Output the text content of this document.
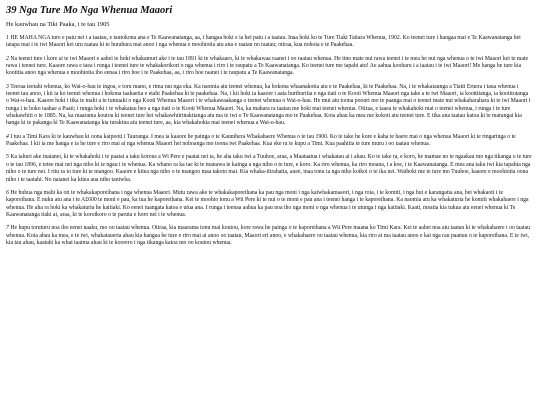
39 Nga Ture Mo Nga Whenua Maaori
He kauwhau na Tiki Paaka, i te tau 1905

1 HE MAHA NGA ture e patu nei i a taatau, e tautokona ana e Te Kaawanatanga, aa, i hangaa hoki e ia hei patu i a taatau. Inaa hoki ko te Ture Tiaki Taitara Whenua, 1902. Ko teenei ture i hangaa mai e Te Kaawanatanga hei taiapa mai i te iwi Maaori kei uru raatau ki te hurahura mai anoo i nga whenua e moohiotia atu ana e raatau no raatau; otiraa, kua nohoia e te Paakehaa.

2 Na teenei ture i kore ai te iwi Maaori e aahei te hoki whakamuri ake i te tau 1891 ki te whakaaro, ki te whakawaa raanei i oo raatau whenua. He tino mate nui rawa teenei i te mea he nui nga whenua o te iwi Maaori kei te mate rawa i teenei ture. Kaaore rawa e taea i runga i teenei ture te whakakorikori o nga whenua i riro i te raupatu a Te Kaawanatanga. Ko teenei ture me tapahi atu! Ae aahua kooharu i a taatau i te iwi Maaori! Me hanga he ture kia kootitia anoo nga whenua e moohiotia iho eenaa i riro hoe i te Paakehaa, aa, i riro hoe raanei i te raupatu a Te Kaawanatanga.

3 Teeraa teetahi whenua, ko Wai-o-hau te ingoa, e toru mano, e rima rau nga eka. Ka naomia atu teenei whenua, ka hokona whaanakotia atu e te Paakehaa, ki te Paakehaa. Na, i te whakataunga a Tiatti Eruera i taua whenua i teenei tau anoo, i kii ia ko teenei whenua i hokona taahaetia e etahi Paakehaa ki te paakehaa. Na, i kii hoki ia kaaore i aata huriburitia e nga tiati o te Kooti Whenua Maaori nga take a te iwi Maaori, ia koottitanga, ia kooittotanga o Wai-o-hau. Kaaore hoki i tika te mahi a te tumuaki o nga Kooti Whenua Maaori i te whakawaakanga o teenei whenua o Wai-o-hau. He mui atu toona poouri mo te paanga mai o teenei mate nui whakaharahara ki te iwi Maaori i runga i te hoko taahae a Paati; i runga hoki i te whakatau heo a nga tiati o te Kooti Whenua Maaori. Na, ka mahara ra taatau me hoki mai teenei whenua. Otiraa, e taaea te whakahoki mai o teenei whenua, i runga i te ture whakawhiti o te 1885. Na, ka maarama koutou ki teenei ture hei whakawhiirinakitanga atu ma te iwi o Te Kaawanatanga mo te Paakehaa. Koia ahau ka mea me kokoti atu teenei ture. E tika ana taatau katoa ki te marangai kia hanga ki te pakanga ki Te Kaawanatanga kia turakina atu teenei ture, aa, kia whakahokia mai teenei whenua a Wai-o-hau.

4 I tuu a Timi Kara ki te kauwhau ki oona kaipooti i Tauranga. I mea ia kaaore he painga o te Kaunihera Whakahaere Whenua o te tau 1900. Ko te take he kore e kaha te haere mai o nga whenua Maaori ki te ringaringa o te Paakehaa. I kii ia me hanga e ia he ture e riro mai ai nga whenua Maaori hei nohoanga mo toona iwi Paakehaa. Kua eke ra te kupu a Timi. Kua paahitia te ture muru i oo taatau whenua.

5 Ka tahuri ake inaianei, ki te whakahoki i te paatai a taku korous a Wi Pere e paatai nei ia, he aha taku iwi a Tuuhoe, araa, a Maataatua i whakatau ai i ahau. Ko te take ra, e koro, he mamae no te ngaakau mo nga tikanga o te ture o te tau 1896, e tetee mai nei nga niho ki te ngau i te whenua. Ka whano ra ka tae ki te manawa te kainga a nga niho o te ture, e koro. Ka riro whenua, ka riro moana, i a koe, i te Kaawanatanga. E mea ana taku iwi kia tapahia nga niho o te ture nei. I ritu ra to ture ki te mangoo. Kaaore e kitea nga niho o te mangoo maa takoto mai. Kia whaka-tiirahatia, auee, inaa tonu ia nga niho koikoi o te ika nei. Waihoki me te ture mo Tuuhoe, kaaore e moohiotia oona niho i te taatahi. No naianei ka kitea aua niho taniwha.

6 He huhua nga mahi ka oti te whakakaporeihana i nga whenua Maaori. Mutu rawa ake te whakakaporeihana ka pau nga moni i nga kaiwhakamaaori, i nga roia, i te komiti, i nga hui e karangatia ana, hei whakaoti i te kaporeihana. E nuku atu ana i te A£600 te moni e pau, ka tua he kaporeihana. Kei te moohio tonu a Wii Pere ki te nui o te moni e pau ana i teenei hanga i te kaporeihana. Ka naomia atu ka whakaturia he komiti whakahaere i nga whenua. He aha ra hoki ka whakaturia he kaitiaki. Ko eenei tuangata katoa e utua ana. I runga i teenaa aahua ka pau noa iho nga moni o nga whenua i te utunga i nga kaitiaki. Kaati, meatia kia tukua atu eenei whenua ki Te Kaawanatanga tiaki ai, araa, ki te koroikoro o te paruta e horo nei i te whenua.

7 He kupu toruturu noa iho eenei naaku, mo oo taatau whenua. Otiraa, kia maarama tonu mai koutou, kore rawa he painga o te kaporeihana a Wii Pere maana ko Timi Kara. Kei te aahei noa atu taatau ki te whakahaere i oo taatau whenua. Koia ahau ka mea, e te iwi, whakataueria ahau kia hangaa he ture e riro mai ai anoo oo taatau, Maaori eri anoo, e whakahaere oo taatau whenua, kia riro ai ma taatau anoo e kai nga rau paanuu o te kaporeihana. E te iwi, kia tau ahau, kaatahi ka whai taaima ahau ki te koorero i nga tikanga katoa mo oo koutou whenua.
